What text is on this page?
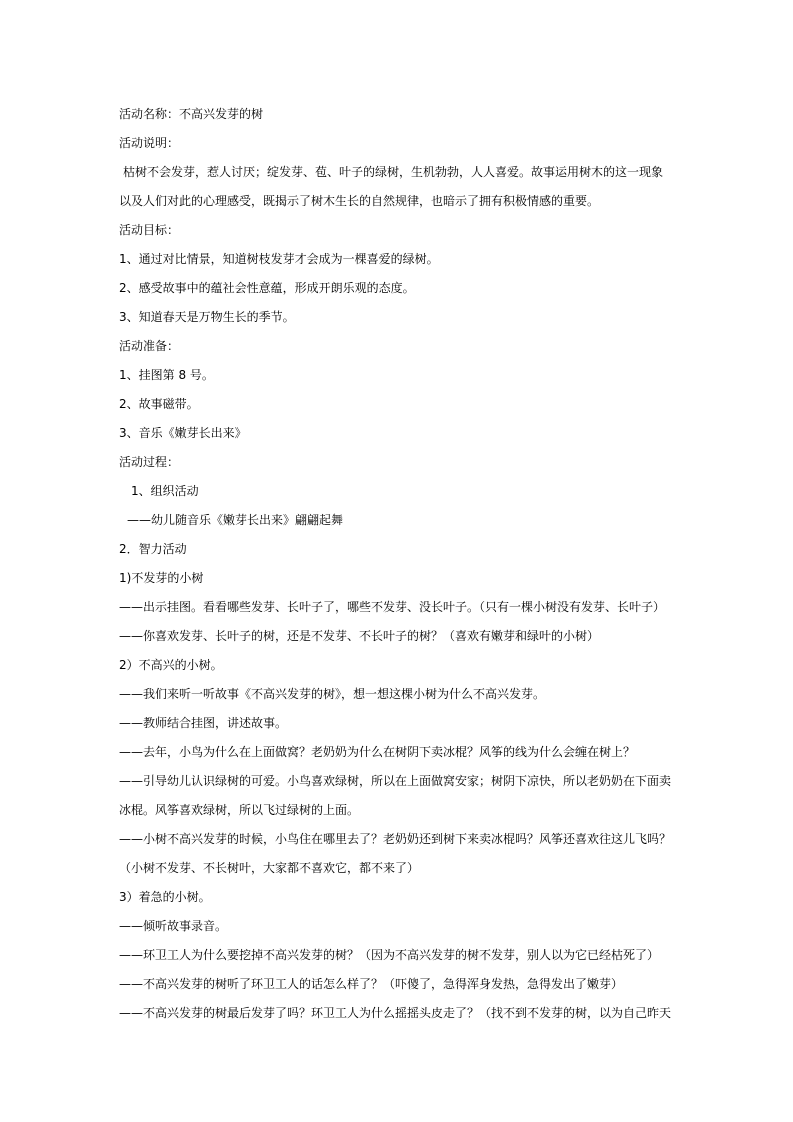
活动名称：不高兴发芽的树
活动说明：
枯树不会发芽，惹人讨厌；绽发芽、苞、叶子的绿树，生机勃勃，人人喜爱。故事运用树木的这一现象
以及人们对此的心理感受，既揭示了树木生长的自然规律，也暗示了拥有积极情感的重要。
活动目标：
1、通过对比情景，知道树枝发芽才会成为一棵喜爱的绿树。
2、感受故事中的蕴社会性意蕴，形成开朗乐观的态度。
3、知道春天是万物生长的季节。
活动准备：
1、挂图第 8 号。
2、故事磁带。
3、音乐《嫩芽长出来》
活动过程：
1、组织活动
——幼儿随音乐《嫩芽长出来》翩翩起舞
2．智力活动
1)不发芽的小树
——出示挂图。看看哪些发芽、长叶子了，哪些不发芽、没长叶子。（只有一棵小树没有发芽、长叶子）
——你喜欢发芽、长叶子的树，还是不发芽、不长叶子的树？（喜欢有嫩芽和绿叶的小树）
2）不高兴的小树。
——我们来听一听故事《不高兴发芽的树》，想一想这棵小树为什么不高兴发芽。
——教师结合挂图，讲述故事。
——去年，小鸟为什么在上面做窝？老奶奶为什么在树阴下卖冰棍？风筝的线为什么会缠在树上？
——引导幼儿认识绿树的可爱。小鸟喜欢绿树，所以在上面做窝安家；树阴下凉快，所以老奶奶在下面卖
冰棍。风筝喜欢绿树，所以飞过绿树的上面。
——小树不高兴发芽的时候，小鸟住在哪里去了？老奶奶还到树下来卖冰棍吗？风筝还喜欢往这儿飞吗？
（小树不发芽、不长树叶，大家都不喜欢它，都不来了）
3）着急的小树。
——倾听故事录音。
——环卫工人为什么要挖掉不高兴发芽的树？（因为不高兴发芽的树不发芽，别人以为它已经枯死了）
——不高兴发芽的树听了环卫工人的话怎么样了？（吓傻了，急得浑身发热，急得发出了嫩芽）
——不高兴发芽的树最后发芽了吗？环卫工人为什么摇摇头皮走了？（找不到不发芽的树，以为自己昨天
